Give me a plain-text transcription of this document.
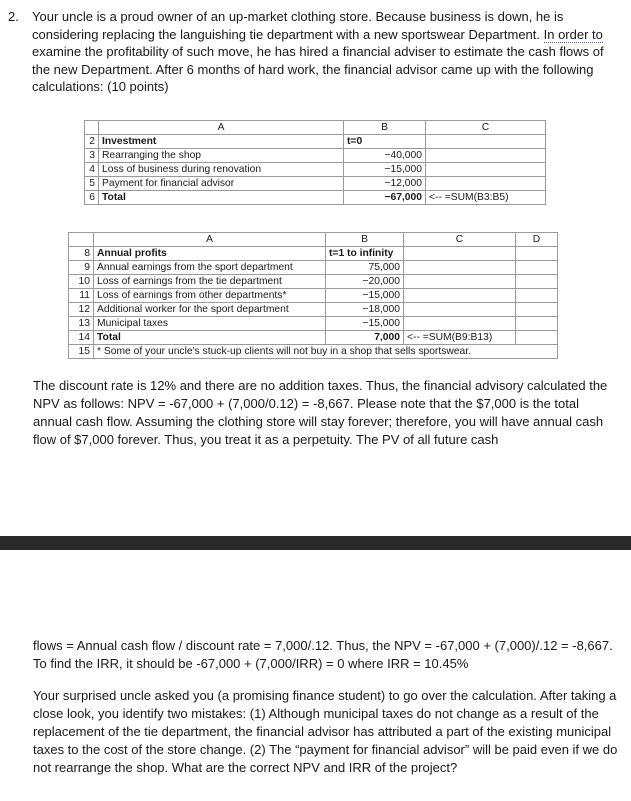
2. Your uncle is a proud owner of an up-market clothing store. Because business is down, he is considering replacing the languishing tie department with a new sportswear Department. In order to examine the profitability of such move, he has hired a financial adviser to estimate the cash flows of the new Department. After 6 months of hard work, the financial advisor came up with the following calculations: (10 points)
	A	B	C
2	Investment	t=0	
3	Rearranging the shop	−40,000	
4	Loss of business during renovation	−15,000	
5	Payment for financial advisor	−12,000	
6	Total	−67,000	<-- =SUM(B3:B5)
	A	B	C	D
8	Annual profits	t=1 to infinity		
9	Annual earnings from the sport department	75,000		
10	Loss of earnings from the tie department	−20,000		
11	Loss of earnings from other departments*	−15,000		
12	Additional worker for the sport department	−18,000		
13	Municipal taxes	−15,000		
14	Total	7,000	<-- =SUM(B9:B13)	
15	* Some of your uncle's stuck-up clients will not buy in a shop that sells sportswear.			
The discount rate is 12% and there are no addition taxes. Thus, the financial advisory calculated the NPV as follows: NPV = -67,000 + (7,000/0.12) = -8,667. Please note that the $7,000 is the total annual cash flow. Assuming the clothing store will stay forever; therefore, you will have annual cash flow of $7,000 forever. Thus, you treat it as a perpetuity. The PV of all future cash
flows = Annual cash flow / discount rate = 7,000/.12. Thus, the NPV = -67,000 + (7,000)/.12 = -8,667. To find the IRR, it should be -67,000 + (7,000/IRR) = 0 where IRR = 10.45%
Your surprised uncle asked you (a promising finance student) to go over the calculation. After taking a close look, you identify two mistakes: (1) Although municipal taxes do not change as a result of the replacement of the tie department, the financial advisor has attributed a part of the existing municipal taxes to the cost of the store change. (2) The “payment for financial advisor” will be paid even if we do not rearrange the shop. What are the correct NPV and IRR of the project?
